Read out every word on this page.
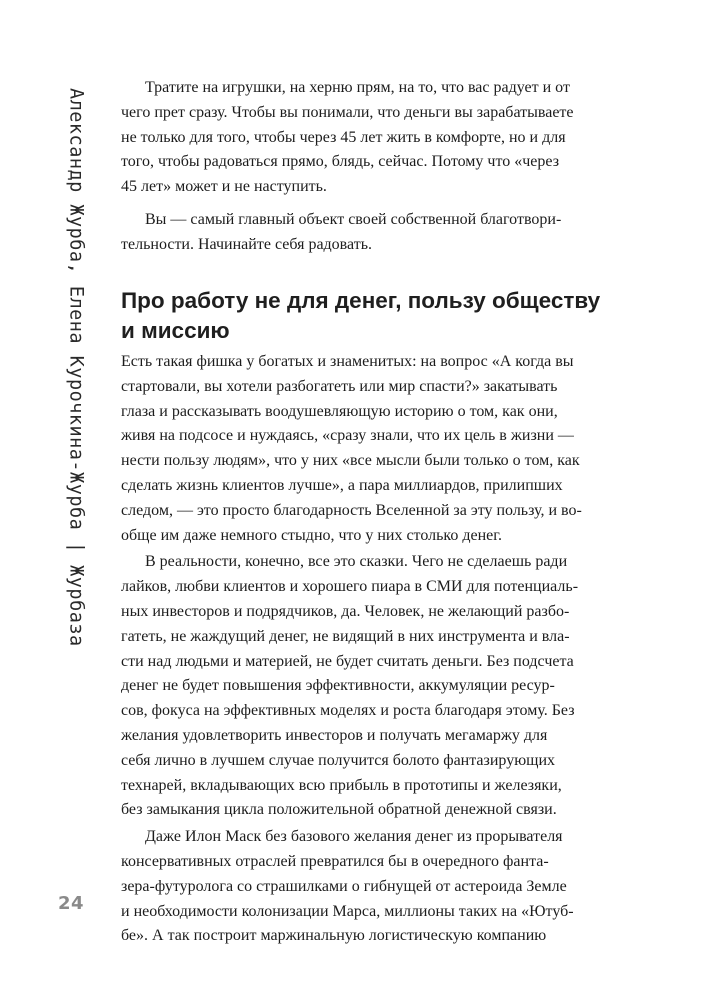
Александр Журба, Елена Курочкина-Журба | Журбаза
24

Тратите на игрушки, на херню прям, на то, что вас радует и от
чего прет сразу. Чтобы вы понимали, что деньги вы зарабатываете
не только для того, чтобы через 45 лет жить в комфорте, но и для
того, чтобы радоваться прямо, блядь, сейчас. Потому что «через
45 лет» может и не наступить.

Вы — самый главный объект своей собственной благотвори-
тельности. Начинайте себя радовать.

Про работу не для денег, пользу обществу
и миссию

Есть такая фишка у богатых и знаменитых: на вопрос «А когда вы
стартовали, вы хотели разбогатеть или мир спасти?» закатывать
глаза и рассказывать воодушевляющую историю о том, как они,
живя на подсосе и нуждаясь, «сразу знали, что их цель в жизни —
нести пользу людям», что у них «все мысли были только о том, как
сделать жизнь клиентов лучше», а пара миллиардов, прилипших
следом, — это просто благодарность Вселенной за эту пользу, и во-
обще им даже немного стыдно, что у них столько денег.

В реальности, конечно, все это сказки. Чего не сделаешь ради
лайков, любви клиентов и хорошего пиара в СМИ для потенциаль-
ных инвесторов и подрядчиков, да. Человек, не желающий разбо-
гатеть, не жаждущий денег, не видящий в них инструмента и вла-
сти над людьми и материей, не будет считать деньги. Без подсчета
денег не будет повышения эффективности, аккумуляции ресур-
сов, фокуса на эффективных моделях и роста благодаря этому. Без
желания удовлетворить инвесторов и получать мегамаржу для
себя лично в лучшем случае получится болото фантазирующих
технарей, вкладывающих всю прибыль в прототипы и железяки,
без замыкания цикла положительной обратной денежной связи.

Даже Илон Маск без базового желания денег из прорывателя
консервативных отраслей превратился бы в очередного фанта-
зера-футуролога со страшилками о гибнущей от астероида Земле
и необходимости колонизации Марса, миллионы таких на «Ютуб-
бе». А так построит маржинальную логистическую компанию
